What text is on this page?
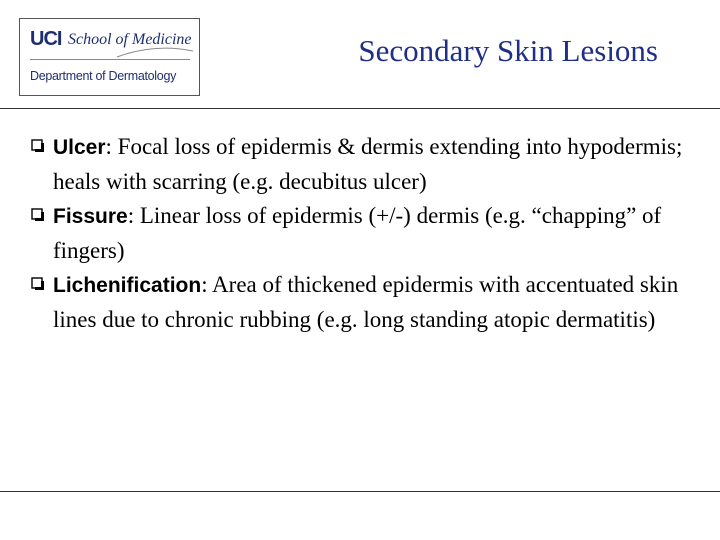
UCI School of Medicine
Department of Dermatology
Secondary Skin Lesions

Ulcer: Focal loss of epidermis & dermis extending into hypodermis; heals with scarring (e.g. decubitus ulcer)

Fissure: Linear loss of epidermis (+/-) dermis (e.g. “chapping” of fingers)

Lichenification: Area of thickened epidermis with accentuated skin lines due to chronic rubbing (e.g. long standing atopic dermatitis)
